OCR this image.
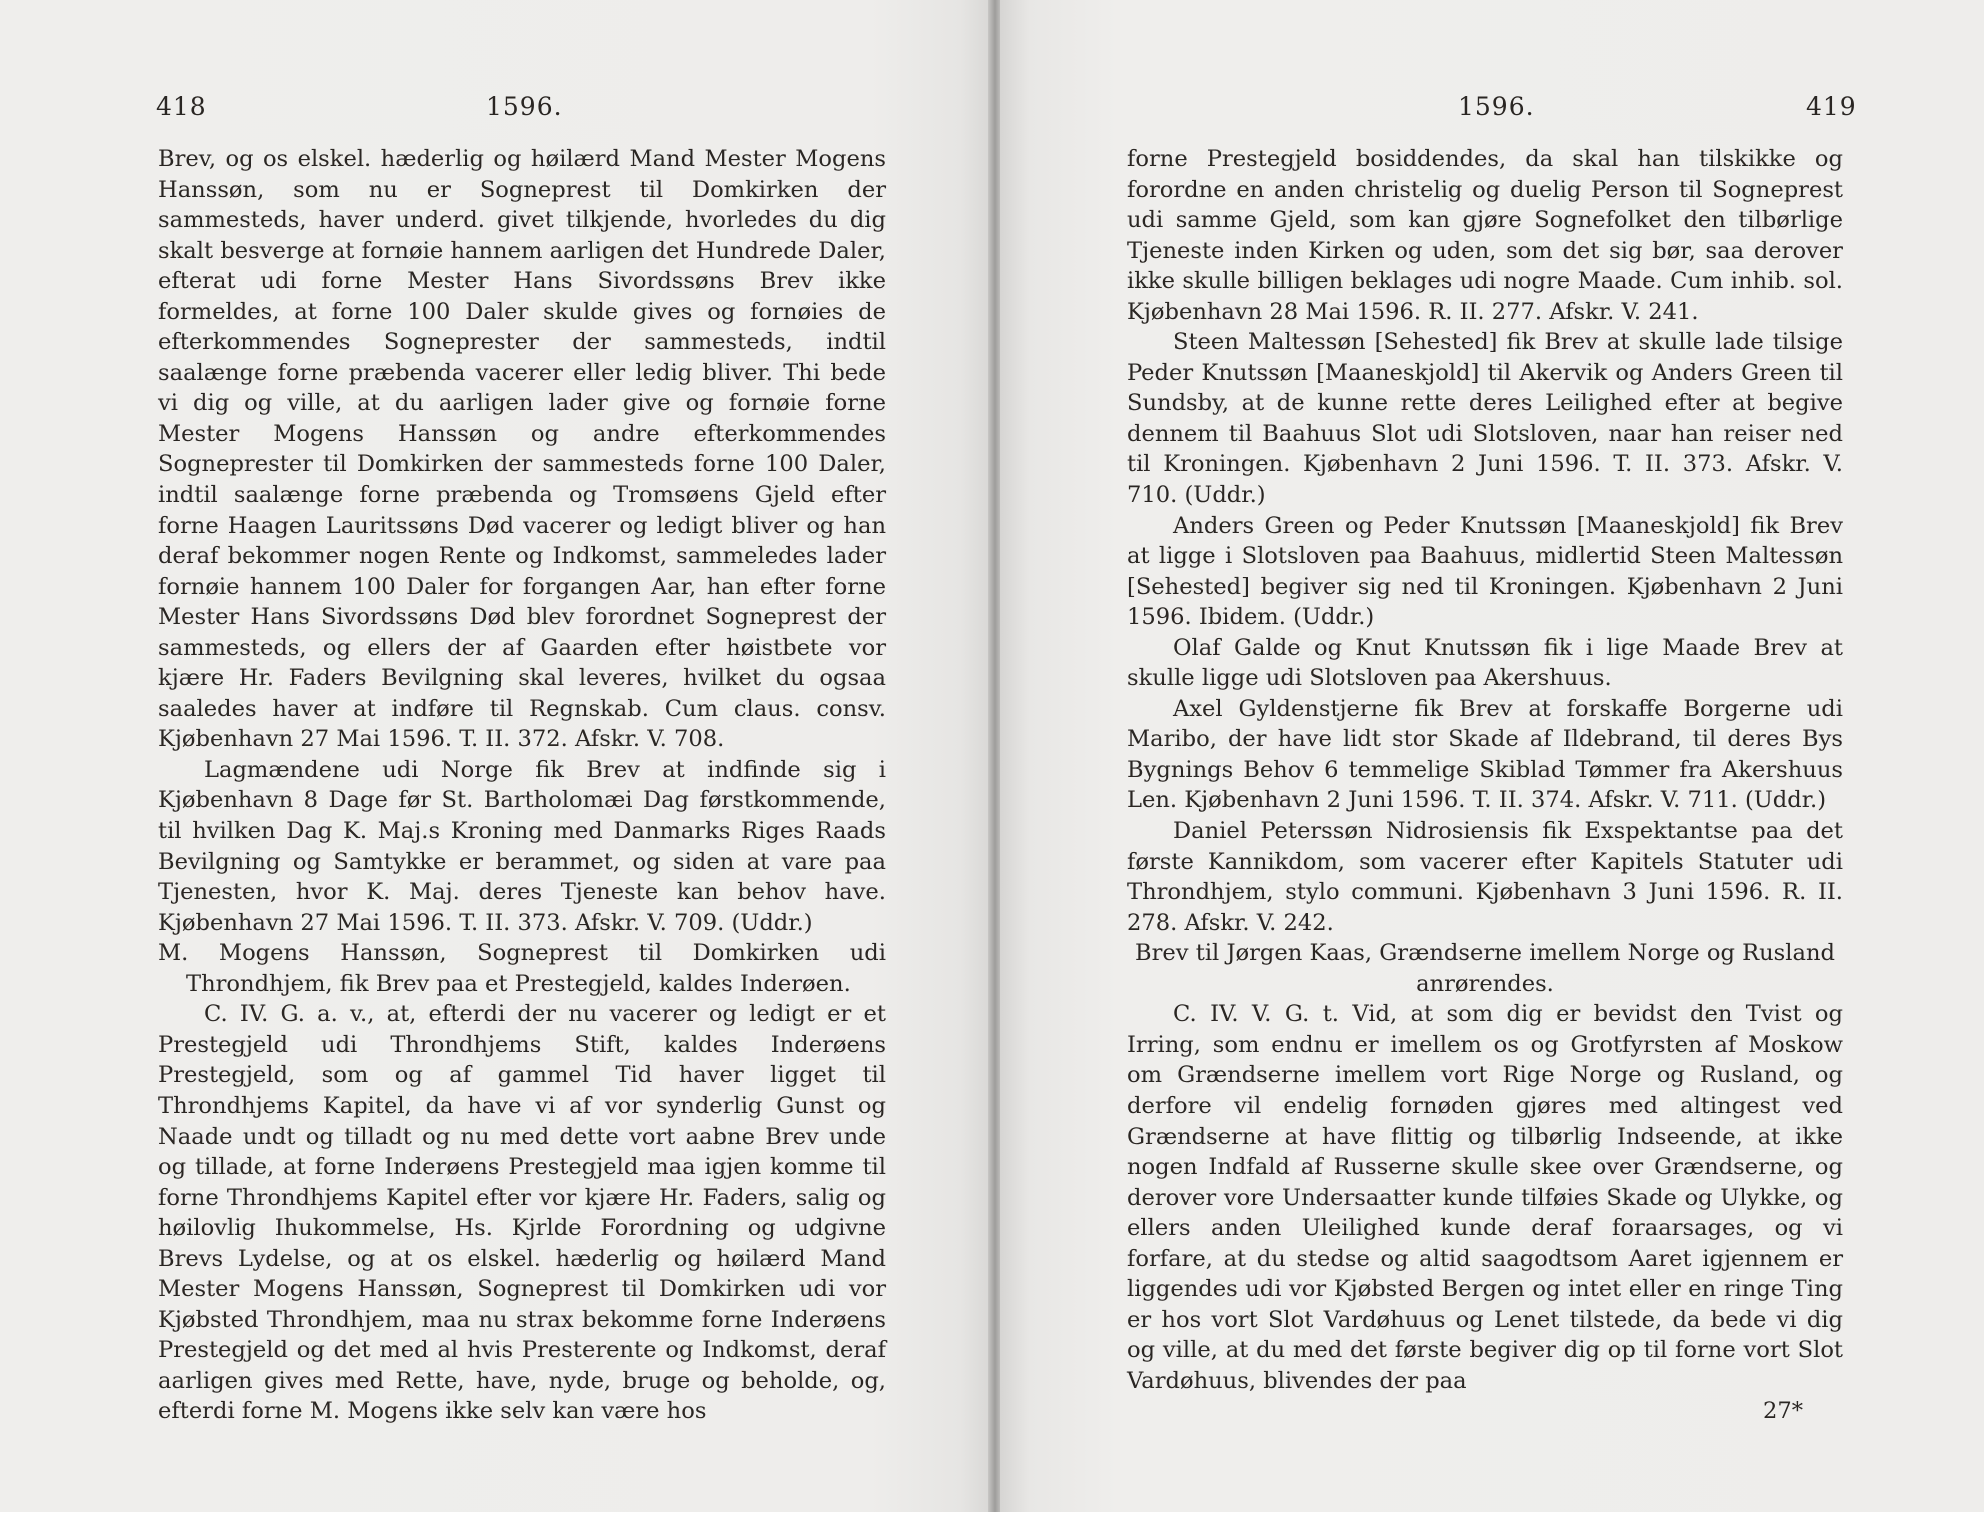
418	1596.

Brev, og os elskel. hæderlig og høilærd Mand Mester Mogens Hanssøn, som nu er Sogneprest til Domkirken der sammesteds, haver underd. givet tilkjende, hvorledes du dig skalt besverge at fornøie hannem aarligen det Hundrede Daler, efterat udi forne Mester Hans Sivordssøns Brev ikke formeldes, at forne 100 Daler skulde gives og fornøies de efterkommendes Sogneprester der sammesteds, indtil saalænge forne præbenda vacerer eller ledig bliver. Thi bede vi dig og ville, at du aarligen lader give og fornøie forne Mester Mogens Hanssøn og andre efterkommendes Sogneprester til Domkirken der sammesteds forne 100 Daler, indtil saalænge forne præbenda og Tromsøens Gjeld efter forne Haagen Lauritssøns Død vacerer og ledigt bliver og han deraf bekommer nogen Rente og Indkomst, sammeledes lader fornøie hannem 100 Daler for forgangen Aar, han efter forne Mester Hans Sivordssøns Død blev forordnet Sogneprest der sammesteds, og ellers der af Gaarden efter høistbete vor kjære Hr. Faders Bevilgning skal leveres, hvilket du ogsaa saaledes haver at indføre til Regnskab. Cum claus. consv. Kjøbenhavn 27 Mai 1596. T. II. 372. Afskr. V. 708.

Lagmændene udi Norge fik Brev at indfinde sig i Kjøbenhavn 8 Dage før St. Bartholomæi Dag førstkommende, til hvilken Dag K. Maj.s Kroning med Danmarks Riges Raads Bevilgning og Samtykke er berammet, og siden at vare paa Tjenesten, hvor K. Maj. deres Tjeneste kan behov have. Kjøbenhavn 27 Mai 1596. T. II. 373. Afskr. V. 709. (Uddr.)

M. Mogens Hanssøn, Sogneprest til Domkirken udi Throndhjem, fik Brev paa et Prestegjeld, kaldes Inderøen.

C. IV. G. a. v., at, efterdi der nu vacerer og ledigt er et Prestegjeld udi Throndhjems Stift, kaldes Inderøens Prestegjeld, som og af gammel Tid haver ligget til Throndhjems Kapitel, da have vi af vor synderlig Gunst og Naade undt og tilladt og nu med dette vort aabne Brev unde og tillade, at forne Inderøens Prestegjeld maa igjen komme til forne Throndhjems Kapitel efter vor kjære Hr. Faders, salig og høilovlig Ihukommelse, Hs. Kjrlde Forordning og udgivne Brevs Lydelse, og at os elskel. hæderlig og høilærd Mand Mester Mogens Hanssøn, Sogneprest til Domkirken udi vor Kjøbsted Throndhjem, maa nu strax bekomme forne Inderøens Prestegjeld og det med al hvis Presterente og Indkomst, deraf aarligen gives med Rette, have, nyde, bruge og beholde, og, efterdi forne M. Mogens ikke selv kan være hos

1596.	419

forne Prestegjeld bosiddendes, da skal han tilskikke og forordne en anden christelig og duelig Person til Sogneprest udi samme Gjeld, som kan gjøre Sognefolket den tilbørlige Tjeneste inden Kirken og uden, som det sig bør, saa derover ikke skulle billigen beklages udi nogre Maade. Cum inhib. sol. Kjøbenhavn 28 Mai 1596. R. II. 277. Afskr. V. 241.

Steen Maltessøn [Sehested] fik Brev at skulle lade tilsige Peder Knutssøn [Maaneskjold] til Akervik og Anders Green til Sundsby, at de kunne rette deres Leilighed efter at begive dennem til Baahuus Slot udi Slotsloven, naar han reiser ned til Kroningen. Kjøbenhavn 2 Juni 1596. T. II. 373. Afskr. V. 710. (Uddr.)

Anders Green og Peder Knutssøn [Maaneskjold] fik Brev at ligge i Slotsloven paa Baahuus, midlertid Steen Maltessøn [Sehested] begiver sig ned til Kroningen. Kjøbenhavn 2 Juni 1596. Ibidem. (Uddr.)

Olaf Galde og Knut Knutssøn fik i lige Maade Brev at skulle ligge udi Slotsloven paa Akershuus.

Axel Gyldenstjerne fik Brev at forskaffe Borgerne udi Maribo, der have lidt stor Skade af Ildebrand, til deres Bys Bygnings Behov 6 temmelige Skiblad Tømmer fra Akershuus Len. Kjøbenhavn 2 Juni 1596. T. II. 374. Afskr. V. 711. (Uddr.)

Daniel Peterssøn Nidrosiensis fik Exspektantse paa det første Kannikdom, som vacerer efter Kapitels Statuter udi Throndhjem, stylo communi. Kjøbenhavn 3 Juni 1596. R. II. 278. Afskr. V. 242.

Brev til Jørgen Kaas, Grændserne imellem Norge og Rusland anrørendes.

C. IV. V. G. t. Vid, at som dig er bevidst den Tvist og Irring, som endnu er imellem os og Grotfyrsten af Moskow om Grændserne imellem vort Rige Norge og Rusland, og derfore vil endelig fornøden gjøres med altingest ved Grændserne at have flittig og tilbørlig Indseende, at ikke nogen Indfald af Russerne skulle skee over Grændserne, og derover vore Undersaatter kunde tilføies Skade og Ulykke, og ellers anden Uleilighed kunde deraf foraarsages, og vi forfare, at du stedse og altid saagodtsom Aaret igjennem er liggendes udi vor Kjøbsted Bergen og intet eller en ringe Ting er hos vort Slot Vardøhuus og Lenet tilstede, da bede vi dig og ville, at du med det første begiver dig op til forne vort Slot Vardøhuus, blivendes der paa

27*
